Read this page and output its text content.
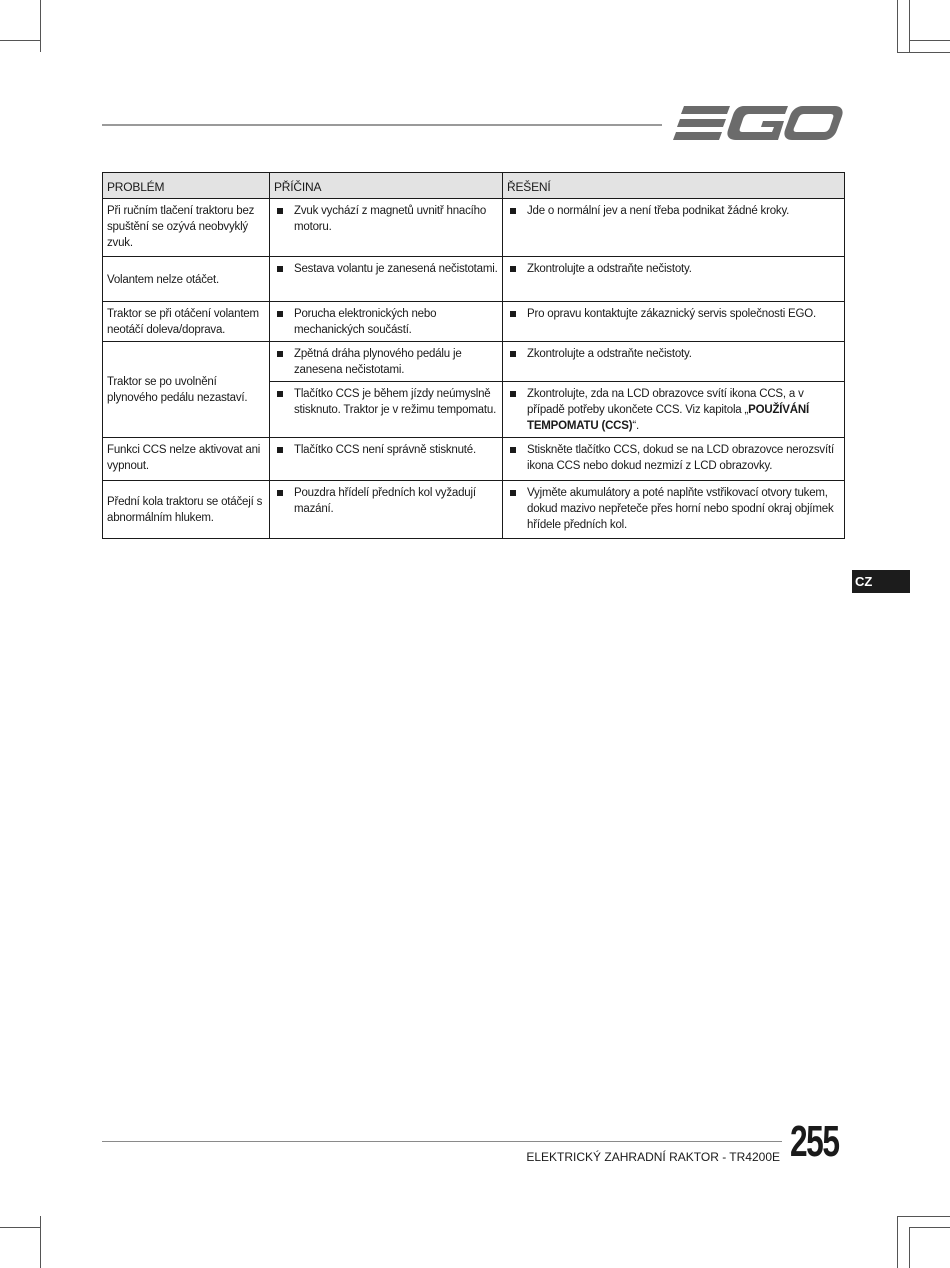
PROBLÉM	PŘÍČINA	ŘEŠENÍ
Při ručním tlačení traktoru bez spuštění se ozývá neobvyklý zvuk.	Zvuk vychází z magnetů uvnitř hnacího motoru.	Jde o normální jev a není třeba podnikat žádné kroky.

Volantem nelze otáčet.	Sestava volantu je zanesená nečistotami.	Zkontrolujte a odstraňte nečistoty.

Traktor se při otáčení volantem neotáčí doleva/doprava.	Porucha elektronických nebo mechanických součástí.	Pro opravu kontaktujte zákaznický servis společnosti EGO.

Traktor se po uvolnění plynového pedálu nezastaví.	Zpětná dráha plynového pedálu je zanesena nečistotami.	Zkontrolujte a odstraňte nečistoty.

	Tlačítko CCS je během jízdy neúmyslně stisknuto. Traktor je v režimu tempomatu.	Zkontrolujte, zda na LCD obrazovce svítí ikona CCS, a v případě potřeby ukončete CCS. Viz kapitola „POUŽÍVÁNÍ TEMPOMATU (CCS)“.

Funkci CCS nelze aktivovat ani vypnout.	Tlačítko CCS není správně stisknuté.	Stiskněte tlačítko CCS, dokud se na LCD obrazovce nerozsvítí ikona CCS nebo dokud nezmizí z LCD obrazovky.

Přední kola traktoru se otáčejí s abnormálním hlukem.	Pouzdra hřídelí předních kol vyžadují mazání.	Vyjměte akumulátory a poté naplňte vstřikovací otvory tukem, dokud mazivo nepřeteče přes horní nebo spodní okraj objímek hřídele předních kol.
CZ
ELEKTRICKÝ ZAHRADNÍ RAKTOR - TR4200E 255
